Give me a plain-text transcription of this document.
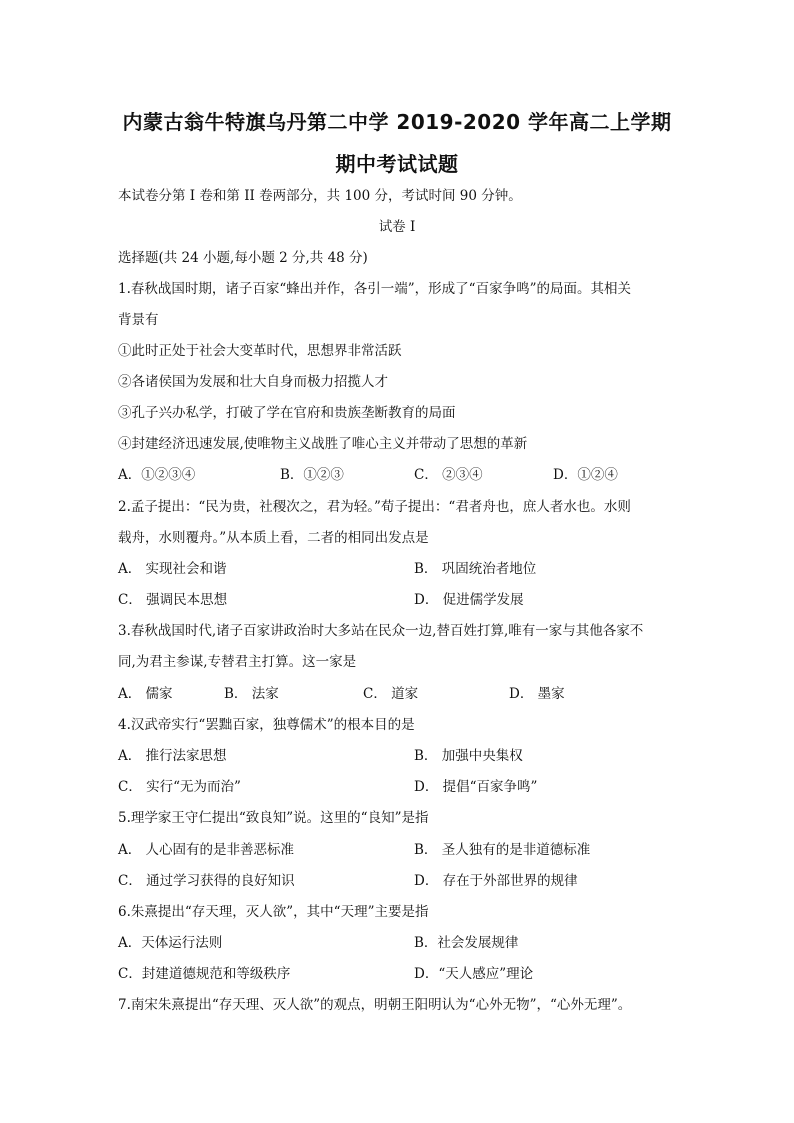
内蒙古翁牛特旗乌丹第二中学 2019-2020 学年高二上学期
期中考试试题
本试卷分第 I 卷和第 II 卷两部分，共 100 分，考试时间 90 分钟。
试卷 I
选择题(共 24 小题,每小题 2 分,共 48 分)
1.春秋战国时期，诸子百家“蜂出并作，各引一端”，形成了“百家争鸣”的局面。其相关
背景有
①此时正处于社会大变革时代，思想界非常活跃
②各诸侯国为发展和壮大自身而极力招揽人才
③孔子兴办私学，打破了学在官府和贵族垄断教育的局面
④封建经济迅速发展,使唯物主义战胜了唯心主义并带动了思想的革新
A．①②③④	B．①②③	C． ②③④	D．①②④
2.孟子提出：“民为贵，社稷次之，君为轻。”荀子提出：“君者舟也，庶人者水也。水则
载舟，水则覆舟。”从本质上看，二者的相同出发点是
A． 实现社会和谐	B． 巩固统治者地位
C． 强调民本思想	D． 促进儒学发展
3.春秋战国时代,诸子百家讲政治时大多站在民众一边,替百姓打算,唯有一家与其他各家不
同,为君主参谋,专替君主打算。这一家是
A． 儒家	B． 法家	C． 道家	D． 墨家
4.汉武帝实行“罢黜百家，独尊儒术”的根本目的是
A． 推行法家思想	B． 加强中央集权
C． 实行“无为而治”	D． 提倡“百家争鸣”
5.理学家王守仁提出“致良知”说。这里的“良知”是指
A． 人心固有的是非善恶标准	B． 圣人独有的是非道德标准
C． 通过学习获得的良好知识	D． 存在于外部世界的规律
6.朱熹提出“存天理，灭人欲”，其中“天理”主要是指
A．天体运行法则	B．社会发展规律
C．封建道德规范和等级秩序	D．“天人感应”理论
7.南宋朱熹提出“存天理、灭人欲”的观点，明朝王阳明认为“心外无物”，“心外无理”。
